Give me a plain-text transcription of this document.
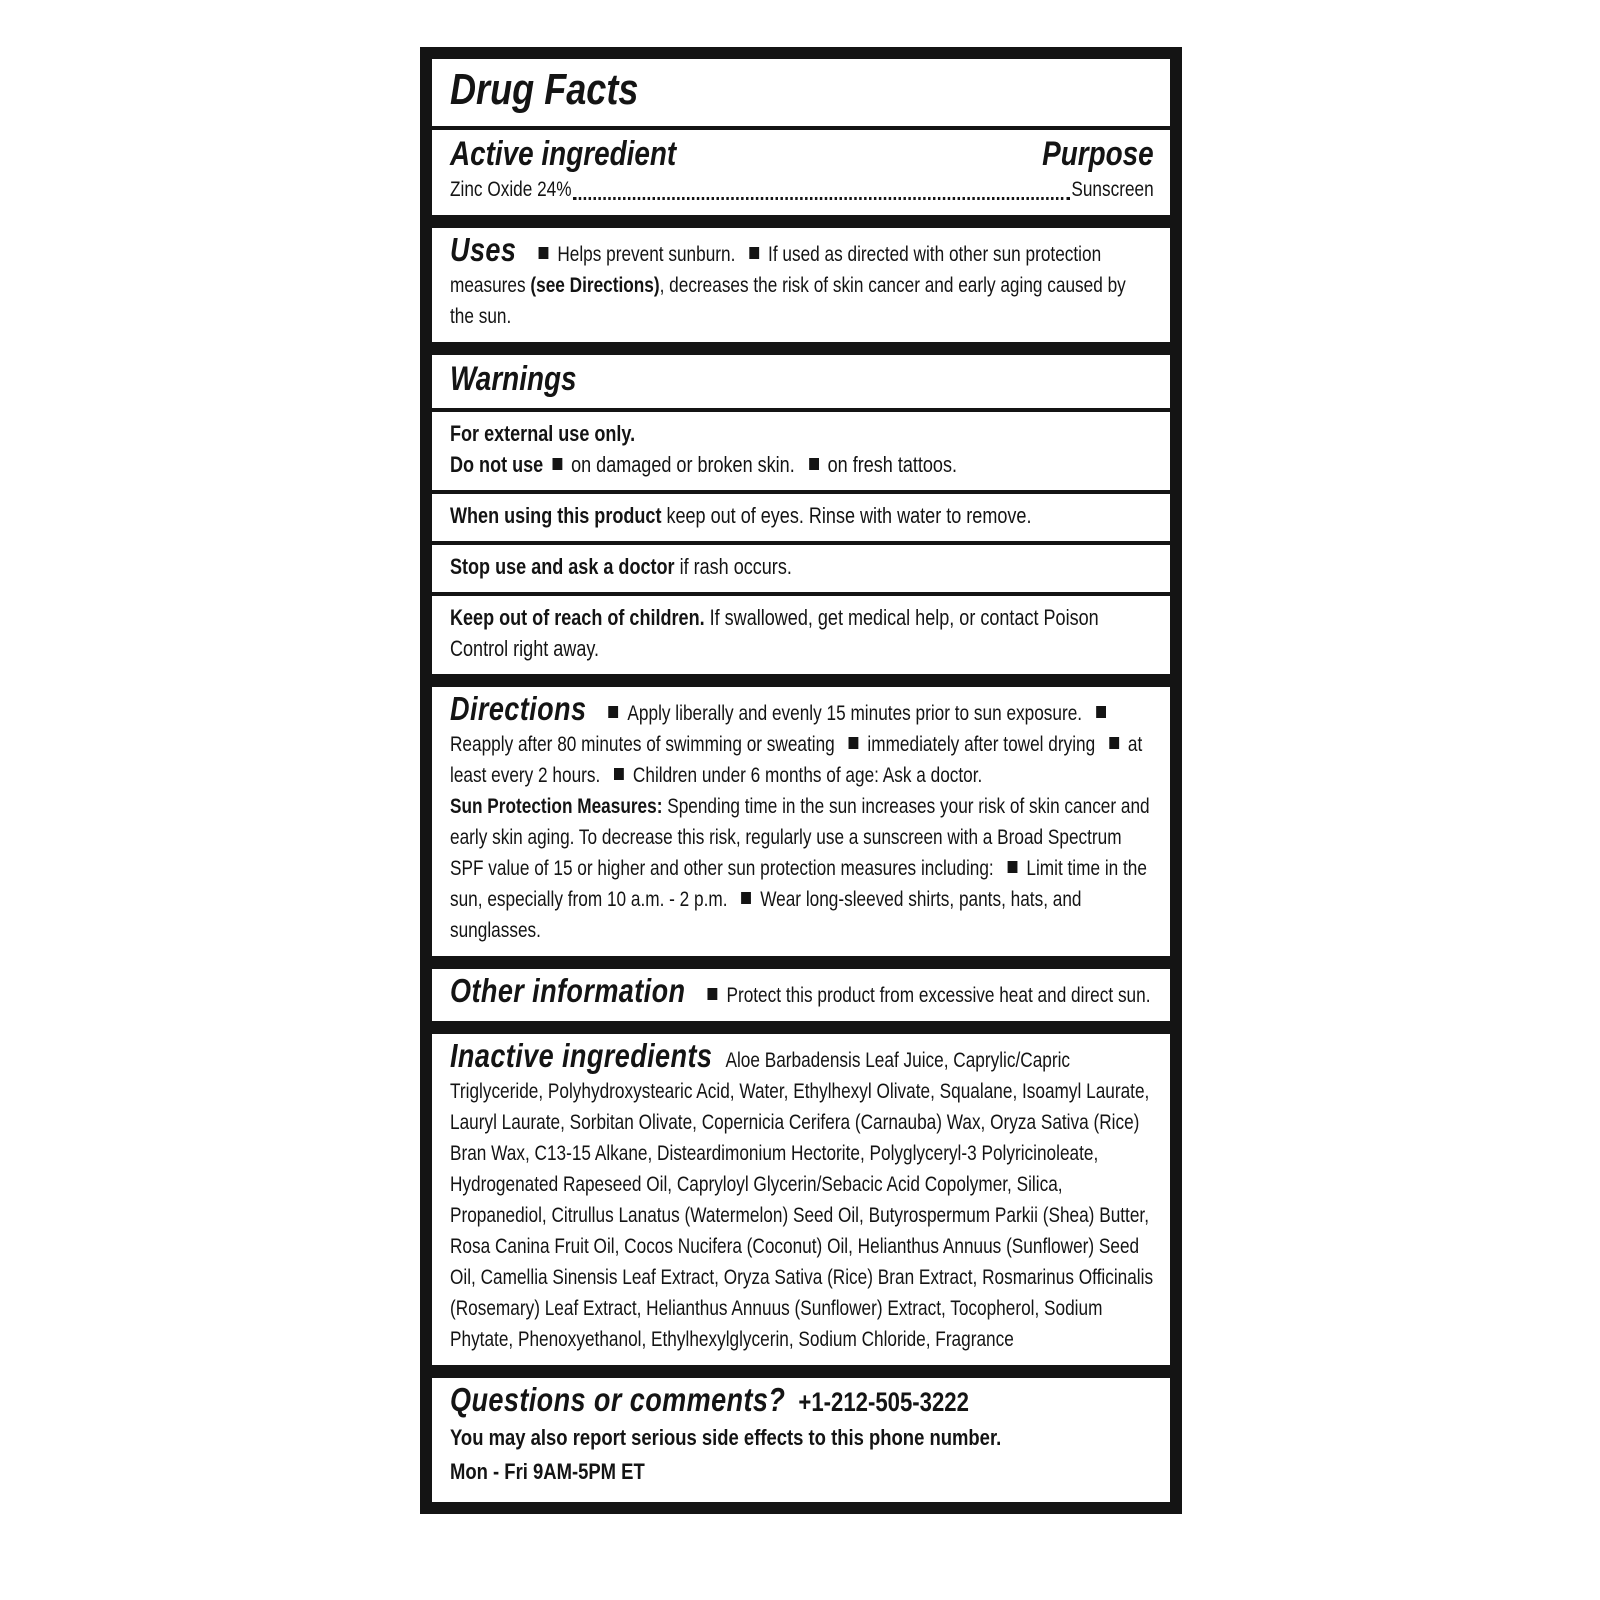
Drug Facts
Active ingredient	Purpose
Zinc Oxide 24%	Sunscreen

Uses Helps prevent sunburn. If used as directed with other sun protection measures (see Directions), decreases the risk of skin cancer and early aging caused by the sun.

Warnings

For external use only.

Do not use on damaged or broken skin. on fresh tattoos.

When using this product keep out of eyes. Rinse with water to remove.

Stop use and ask a doctor if rash occurs.

Keep out of reach of children. If swallowed, get medical help, or contact Poison Control right away.

Directions Apply liberally and evenly 15 minutes prior to sun exposure. Reapply after 80 minutes of swimming or sweating immediately after towel drying at least every 2 hours. Children under 6 months of age: Ask a doctor.
Sun Protection Measures: Spending time in the sun increases your risk of skin cancer and early skin aging. To decrease this risk, regularly use a sunscreen with a Broad Spectrum SPF value of 15 or higher and other sun protection measures including: Limit time in the sun, especially from 10 a.m. - 2 p.m. Wear long-sleeved shirts, pants, hats, and sunglasses.

Other information Protect this product from excessive heat and direct sun.

Inactive ingredients Aloe Barbadensis Leaf Juice, Caprylic/Capric Triglyceride, Polyhydroxystearic Acid, Water, Ethylhexyl Olivate, Squalane, Isoamyl Laurate, Lauryl Laurate, Sorbitan Olivate, Copernicia Cerifera (Carnauba) Wax, Oryza Sativa (Rice) Bran Wax, C13-15 Alkane, Disteardimonium Hectorite, Polyglyceryl-3 Polyricinoleate, Hydrogenated Rapeseed Oil, Capryloyl Glycerin/Sebacic Acid Copolymer, Silica, Propanediol, Citrullus Lanatus (Watermelon) Seed Oil, Butyrospermum Parkii (Shea) Butter, Rosa Canina Fruit Oil, Cocos Nucifera (Coconut) Oil, Helianthus Annuus (Sunflower) Seed Oil, Camellia Sinensis Leaf Extract, Oryza Sativa (Rice) Bran Extract, Rosmarinus Officinalis (Rosemary) Leaf Extract, Helianthus Annuus (Sunflower) Extract, Tocopherol, Sodium Phytate, Phenoxyethanol, Ethylhexylglycerin, Sodium Chloride, Fragrance

Questions or comments? +1-212-505-3222

You may also report serious side effects to this phone number.

Mon - Fri 9AM-5PM ET
